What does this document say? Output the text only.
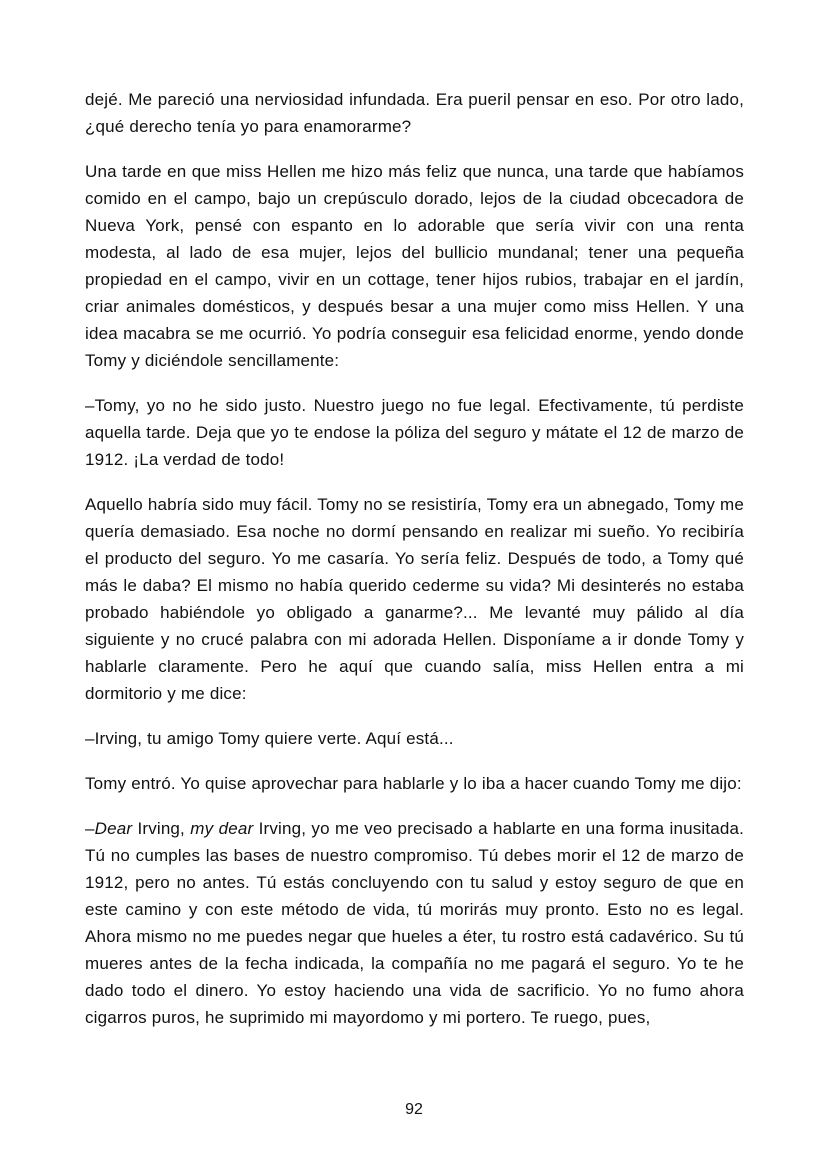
dejé. Me pareció una nerviosidad infundada. Era pueril pensar en eso. Por otro lado, ¿qué derecho tenía yo para enamorarme?

Una tarde en que miss Hellen me hizo más feliz que nunca, una tarde que habíamos comido en el campo, bajo un crepúsculo dorado, lejos de la ciudad obcecadora de Nueva York, pensé con espanto en lo adorable que sería vivir con una renta modesta, al lado de esa mujer, lejos del bullicio mundanal; tener una pequeña propiedad en el campo, vivir en un cottage, tener hijos rubios, trabajar en el jardín, criar animales domésticos, y después besar a una mujer como miss Hellen. Y una idea macabra se me ocurrió. Yo podría conseguir esa felicidad enorme, yendo donde Tomy y diciéndole sencillamente:

–Tomy, yo no he sido justo. Nuestro juego no fue legal. Efectivamente, tú perdiste aquella tarde. Deja que yo te endose la póliza del seguro y mátate el 12 de marzo de 1912. ¡La verdad de todo!

Aquello habría sido muy fácil. Tomy no se resistiría, Tomy era un abnegado, Tomy me quería demasiado. Esa noche no dormí pensando en realizar mi sueño. Yo recibiría el producto del seguro. Yo me casaría. Yo sería feliz. Después de todo, a Tomy qué más le daba? El mismo no había querido cederme su vida? Mi desinterés no estaba probado habiéndole yo obligado a ganarme?... Me levanté muy pálido al día siguiente y no crucé palabra con mi adorada Hellen. Disponíame a ir donde Tomy y hablarle claramente. Pero he aquí que cuando salía, miss Hellen entra a mi dormitorio y me dice:

–Irving, tu amigo Tomy quiere verte. Aquí está...

Tomy entró. Yo quise aprovechar para hablarle y lo iba a hacer cuando Tomy me dijo:

–Dear Irving, my dear Irving, yo me veo precisado a hablarte en una forma inusitada. Tú no cumples las bases de nuestro compromiso. Tú debes morir el 12 de marzo de 1912, pero no antes. Tú estás concluyendo con tu salud y estoy seguro de que en este camino y con este método de vida, tú morirás muy pronto. Esto no es legal. Ahora mismo no me puedes negar que hueles a éter, tu rostro está cadavérico. Su tú mueres antes de la fecha indicada, la compañía no me pagará el seguro. Yo te he dado todo el dinero. Yo estoy haciendo una vida de sacrificio. Yo no fumo ahora cigarros puros, he suprimido mi mayordomo y mi portero. Te ruego, pues,

92
